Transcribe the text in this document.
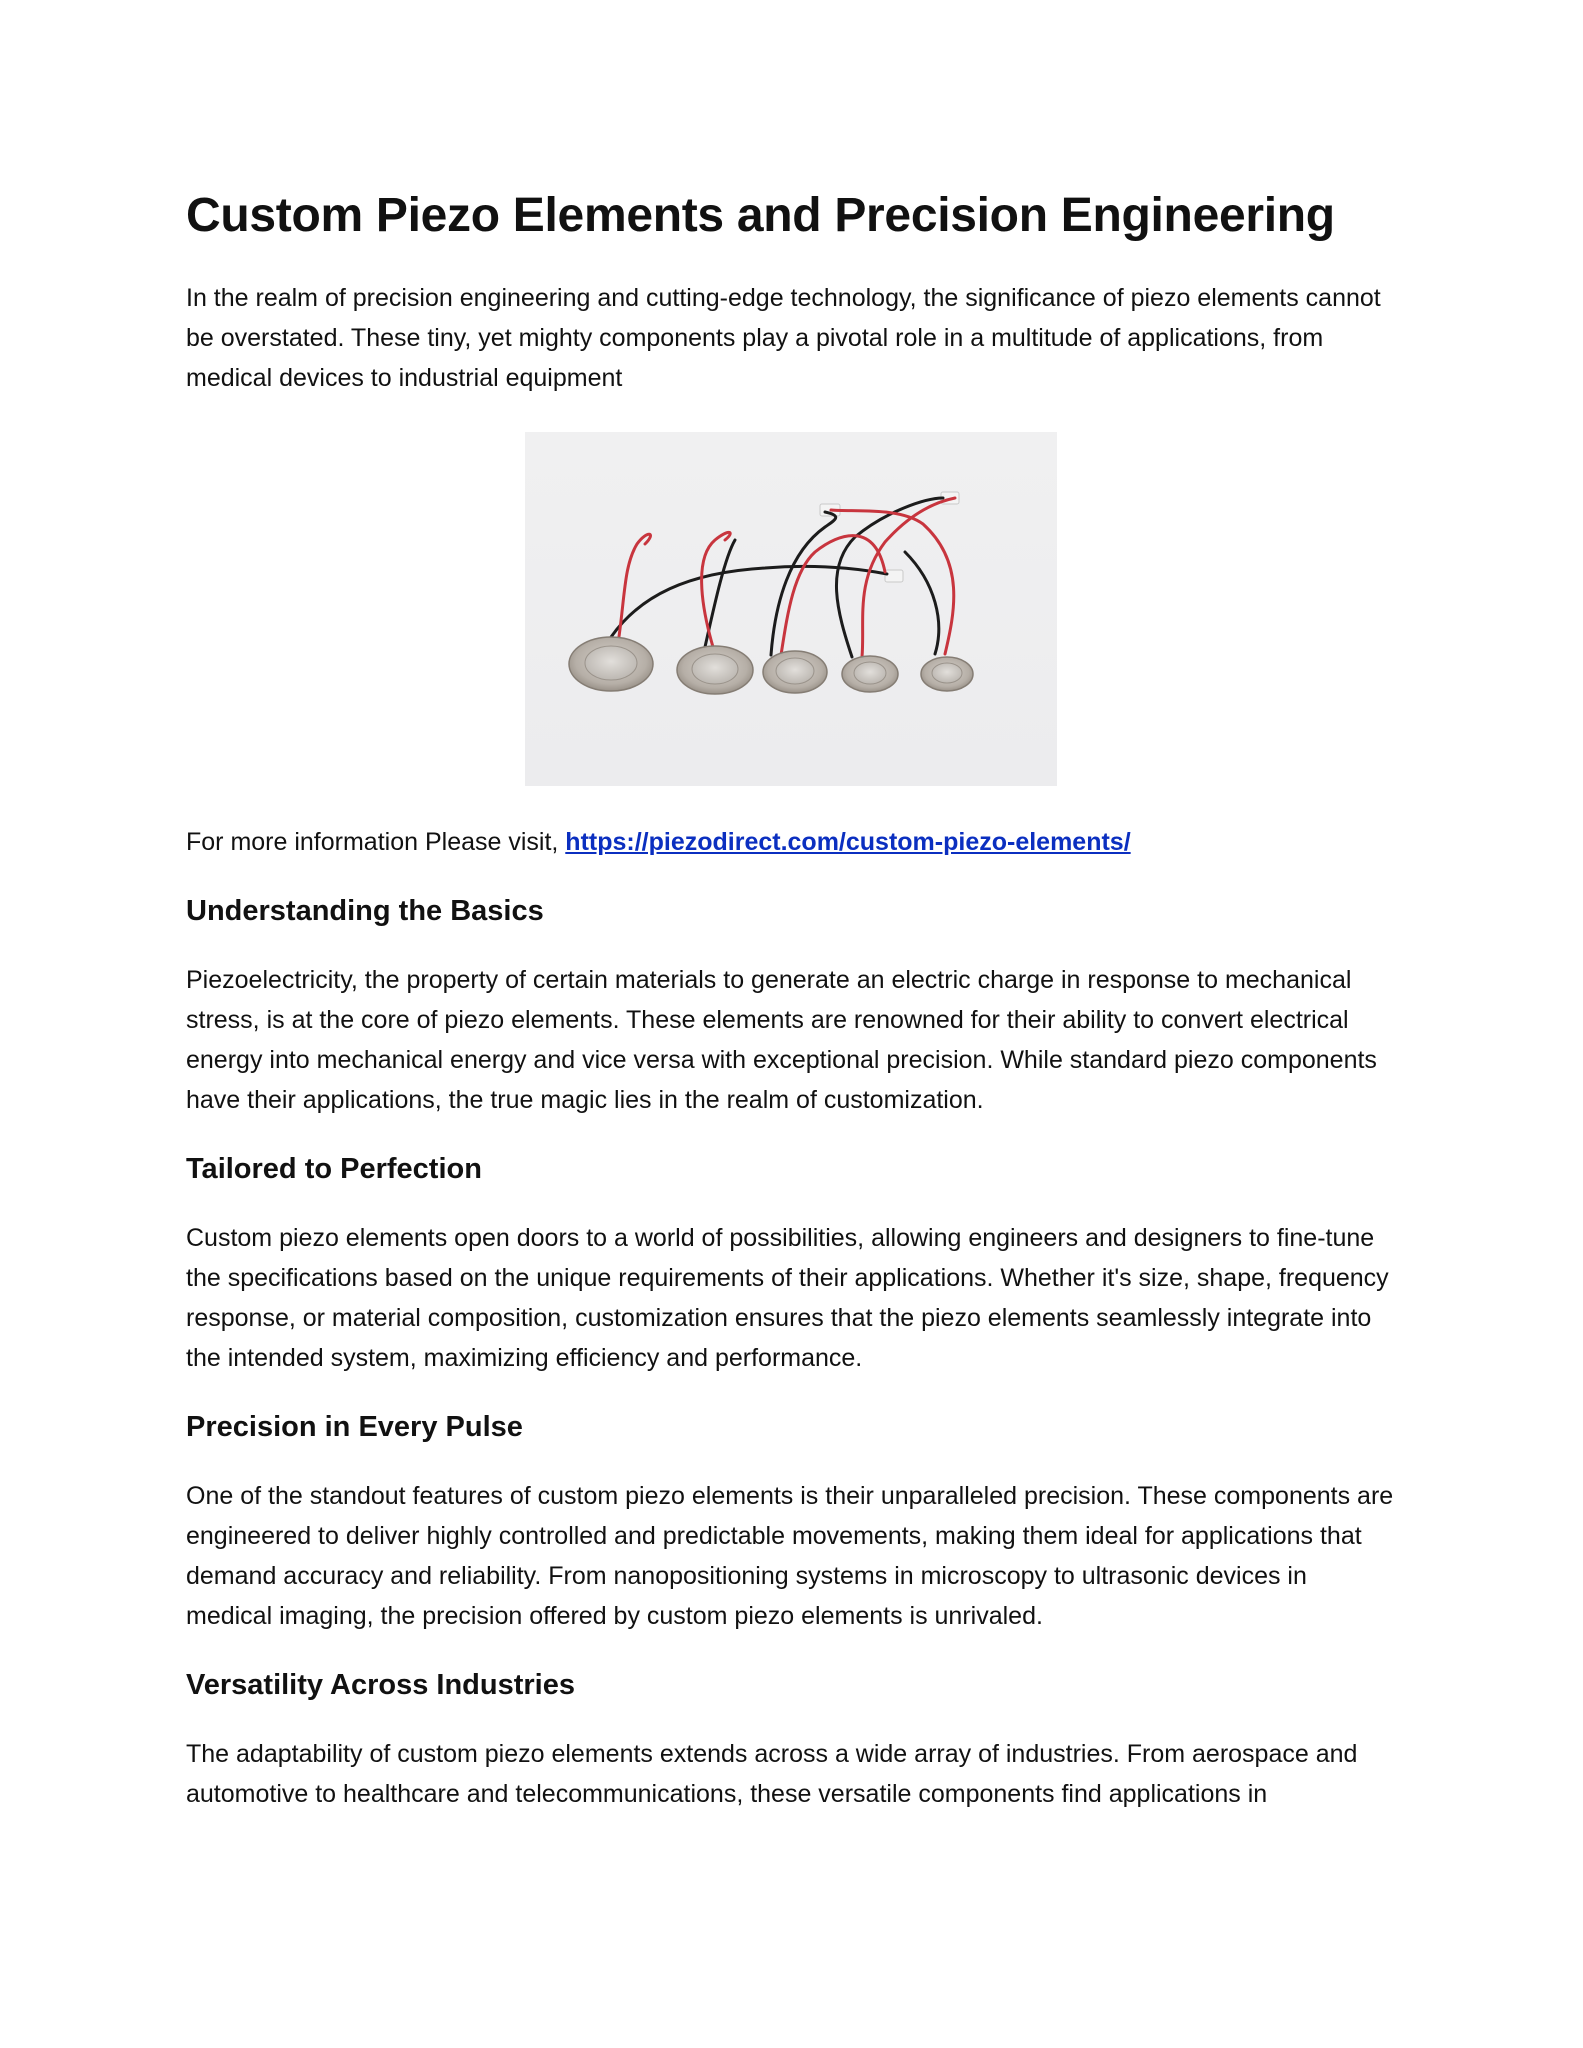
Custom Piezo Elements and Precision Engineering

In the realm of precision engineering and cutting-edge technology, the significance of piezo elements cannot be overstated. These tiny, yet mighty components play a pivotal role in a multitude of applications, from medical devices to industrial equipment

For more information Please visit, https://piezodirect.com/custom-piezo-elements/

Understanding the Basics

Piezoelectricity, the property of certain materials to generate an electric charge in response to mechanical stress, is at the core of piezo elements. These elements are renowned for their ability to convert electrical energy into mechanical energy and vice versa with exceptional precision. While standard piezo components have their applications, the true magic lies in the realm of customization.

Tailored to Perfection

Custom piezo elements open doors to a world of possibilities, allowing engineers and designers to fine-tune the specifications based on the unique requirements of their applications. Whether it's size, shape, frequency response, or material composition, customization ensures that the piezo elements seamlessly integrate into the intended system, maximizing efficiency and performance.

Precision in Every Pulse

One of the standout features of custom piezo elements is their unparalleled precision. These components are engineered to deliver highly controlled and predictable movements, making them ideal for applications that demand accuracy and reliability. From nanopositioning systems in microscopy to ultrasonic devices in medical imaging, the precision offered by custom piezo elements is unrivaled.

Versatility Across Industries

The adaptability of custom piezo elements extends across a wide array of industries. From aerospace and automotive to healthcare and telecommunications, these versatile components find applications in
